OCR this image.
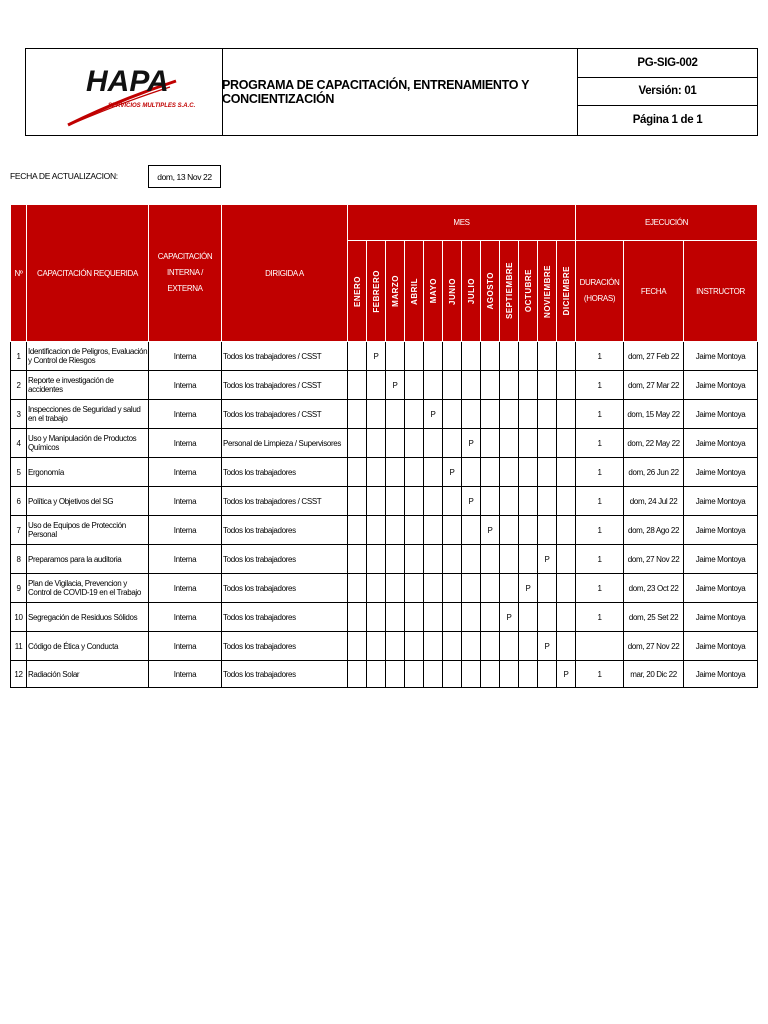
HAPA
SERVICIOS MULTIPLES S.A.C.
PROGRAMA DE CAPACITACIÓN, ENTRENAMIENTO Y CONCIENTIZACIÓN
PG-SIG-002
Versión: 01
Página 1 de 1
FECHA DE ACTUALIZACION:	dom, 13 Nov 22
Nº	CAPACITACIÓN REQUERIDA	CAPACITACIÓN INTERNA / EXTERNA	DIRIGIDA A	MES												EJECUCIÓN		

				ENERO	FEBRERO	MARZO	ABRIL	MAYO	JUNIO	JULIO	AGOSTO	SEPTIEMBRE	OCTUBRE	NOVIEMBRE	DICIEMBRE	DURACIÓN (HORAS)	FECHA	INSTRUCTOR
1	Identificacion de Peligros, Evaluación y Control de Riesgos	Interna	Todos los trabajadores / CSST		P											1	dom, 27 Feb 22	Jaime Montoya
2	Reporte e investigación de accidentes	Interna	Todos los trabajadores / CSST			P										1	dom, 27 Mar 22	Jaime Montoya
3	Inspecciones de Seguridad y salud en el trabajo	Interna	Todos los trabajadores / CSST					P								1	dom, 15 May 22	Jaime Montoya
4	Uso y Manipulación de Productos Químicos	Interna	Personal de Limpieza / Supervisores							P						1	dom, 22 May 22	Jaime Montoya
5	Ergonomía	Interna	Todos los trabajadores						P							1	dom, 26 Jun 22	Jaime Montoya
6	Política y Objetivos del SG	Interna	Todos los trabajadores / CSST							P						1	dom, 24 Jul 22	Jaime Montoya
7	Uso de Equipos de Protección Personal	Interna	Todos los trabajadores								P					1	dom, 28 Ago 22	Jaime Montoya
8	Preparamos para la auditoria	Interna	Todos los trabajadores											P		1	dom, 27 Nov 22	Jaime Montoya
9	Plan de Vigilacia, Prevencion y Control de COVID-19 en el Trabajo	Interna	Todos los trabajadores										P			1	dom, 23 Oct 22	Jaime Montoya
10	Segregación de Residuos Sólidos	Interna	Todos los trabajadores									P				1	dom, 25 Set 22	Jaime Montoya
11	Código de Ética y Conducta	Interna	Todos los trabajadores											P			dom, 27 Nov 22	Jaime Montoya
12	Radiación Solar	Interna	Todos los trabajadores												P	1	mar, 20 Dic 22	Jaime Montoya
